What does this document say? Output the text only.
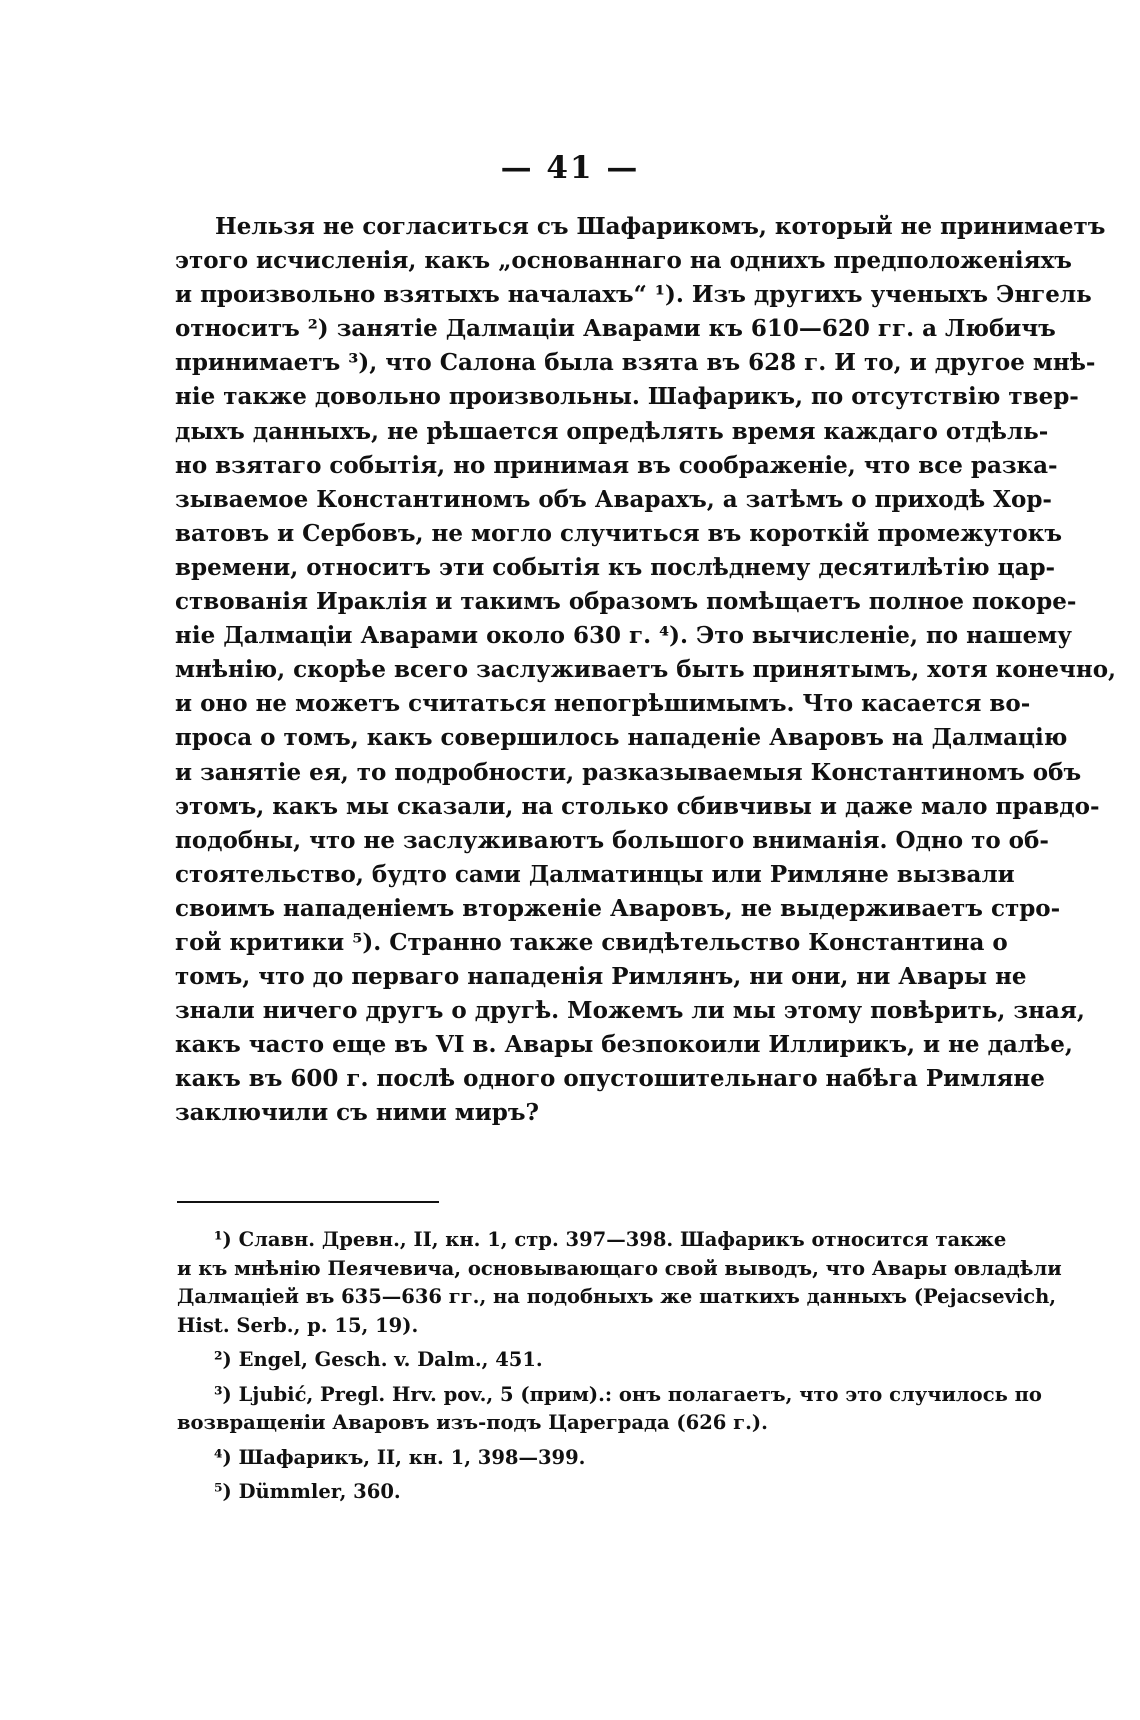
— 41 —
Нельзя не согласиться съ Шафарикомъ, который не принимаетъ
этого исчисленія, какъ „основаннаго на однихъ предположеніяхъ
и произвольно взятыхъ началахъ“ ¹). Изъ другихъ ученыхъ Энгель
относитъ ²) занятіе Далмаціи Аварами къ 610—620 гг. а Любичъ
принимаетъ ³), что Салона была взята въ 628 г. И то, и другое мнѣ-
ніе также довольно произвольны. Шафарикъ, по отсутствію твер-
дыхъ данныхъ, не рѣшается опредѣлять время каждаго отдѣль-
но взятаго событія, но принимая въ соображеніе, что все разка-
зываемое Константиномъ объ Аварахъ, а затѣмъ о приходѣ Хор-
ватовъ и Сербовъ, не могло случиться въ короткій промежутокъ
времени, относитъ эти событія къ послѣднему десятилѣтію цар-
ствованія Ираклія и такимъ образомъ помѣщаетъ полное покоре-
ніе Далмаціи Аварами около 630 г. ⁴). Это вычисленіе, по нашему
мнѣнію, скорѣе всего заслуживаетъ быть принятымъ, хотя конечно,
и оно не можетъ считаться непогрѣшимымъ. Что касается во-
проса о томъ, какъ совершилось нападеніе Аваровъ на Далмацію
и занятіе ея, то подробности, разказываемыя Константиномъ объ
этомъ, какъ мы сказали, на столько сбивчивы и даже мало правдо-
подобны, что не заслуживаютъ большого вниманія. Одно то об-
стоятельство, будто сами Далматинцы или Римляне вызвали
своимъ нападеніемъ вторженіе Аваровъ, не выдерживаетъ стро-
гой критики ⁵). Странно также свидѣтельство Константина о
томъ, что до перваго нападенія Римлянъ, ни они, ни Авары не
знали ничего другъ о другѣ. Можемъ ли мы этому повѣрить, зная,
какъ часто еще въ VI в. Авары безпокоили Иллирикъ, и не далѣе,
какъ въ 600 г. послѣ одного опустошительнаго набѣга Римляне
заключили съ ними миръ?
¹) Славн. Древн., II, кн. 1, стр. 397—398. Шафарикъ относится также
и къ мнѣнію Пеячевича, основывающаго свой выводъ, что Авары овладѣли
Далмаціей въ 635—636 гг., на подобныхъ же шаткихъ данныхъ (Pejacsevich,
Hist. Serb., p. 15, 19).
²) Engel, Gesch. v. Dalm., 451.
³) Ljubić, Pregl. Hrv. pov., 5 (прим).: онъ полагаетъ, что это случилось по
возвращеніи Аваровъ изъ-подъ Цареграда (626 г.).
⁴) Шафарикъ, II, кн. 1, 398—399.
⁵) Dümmler, 360.
